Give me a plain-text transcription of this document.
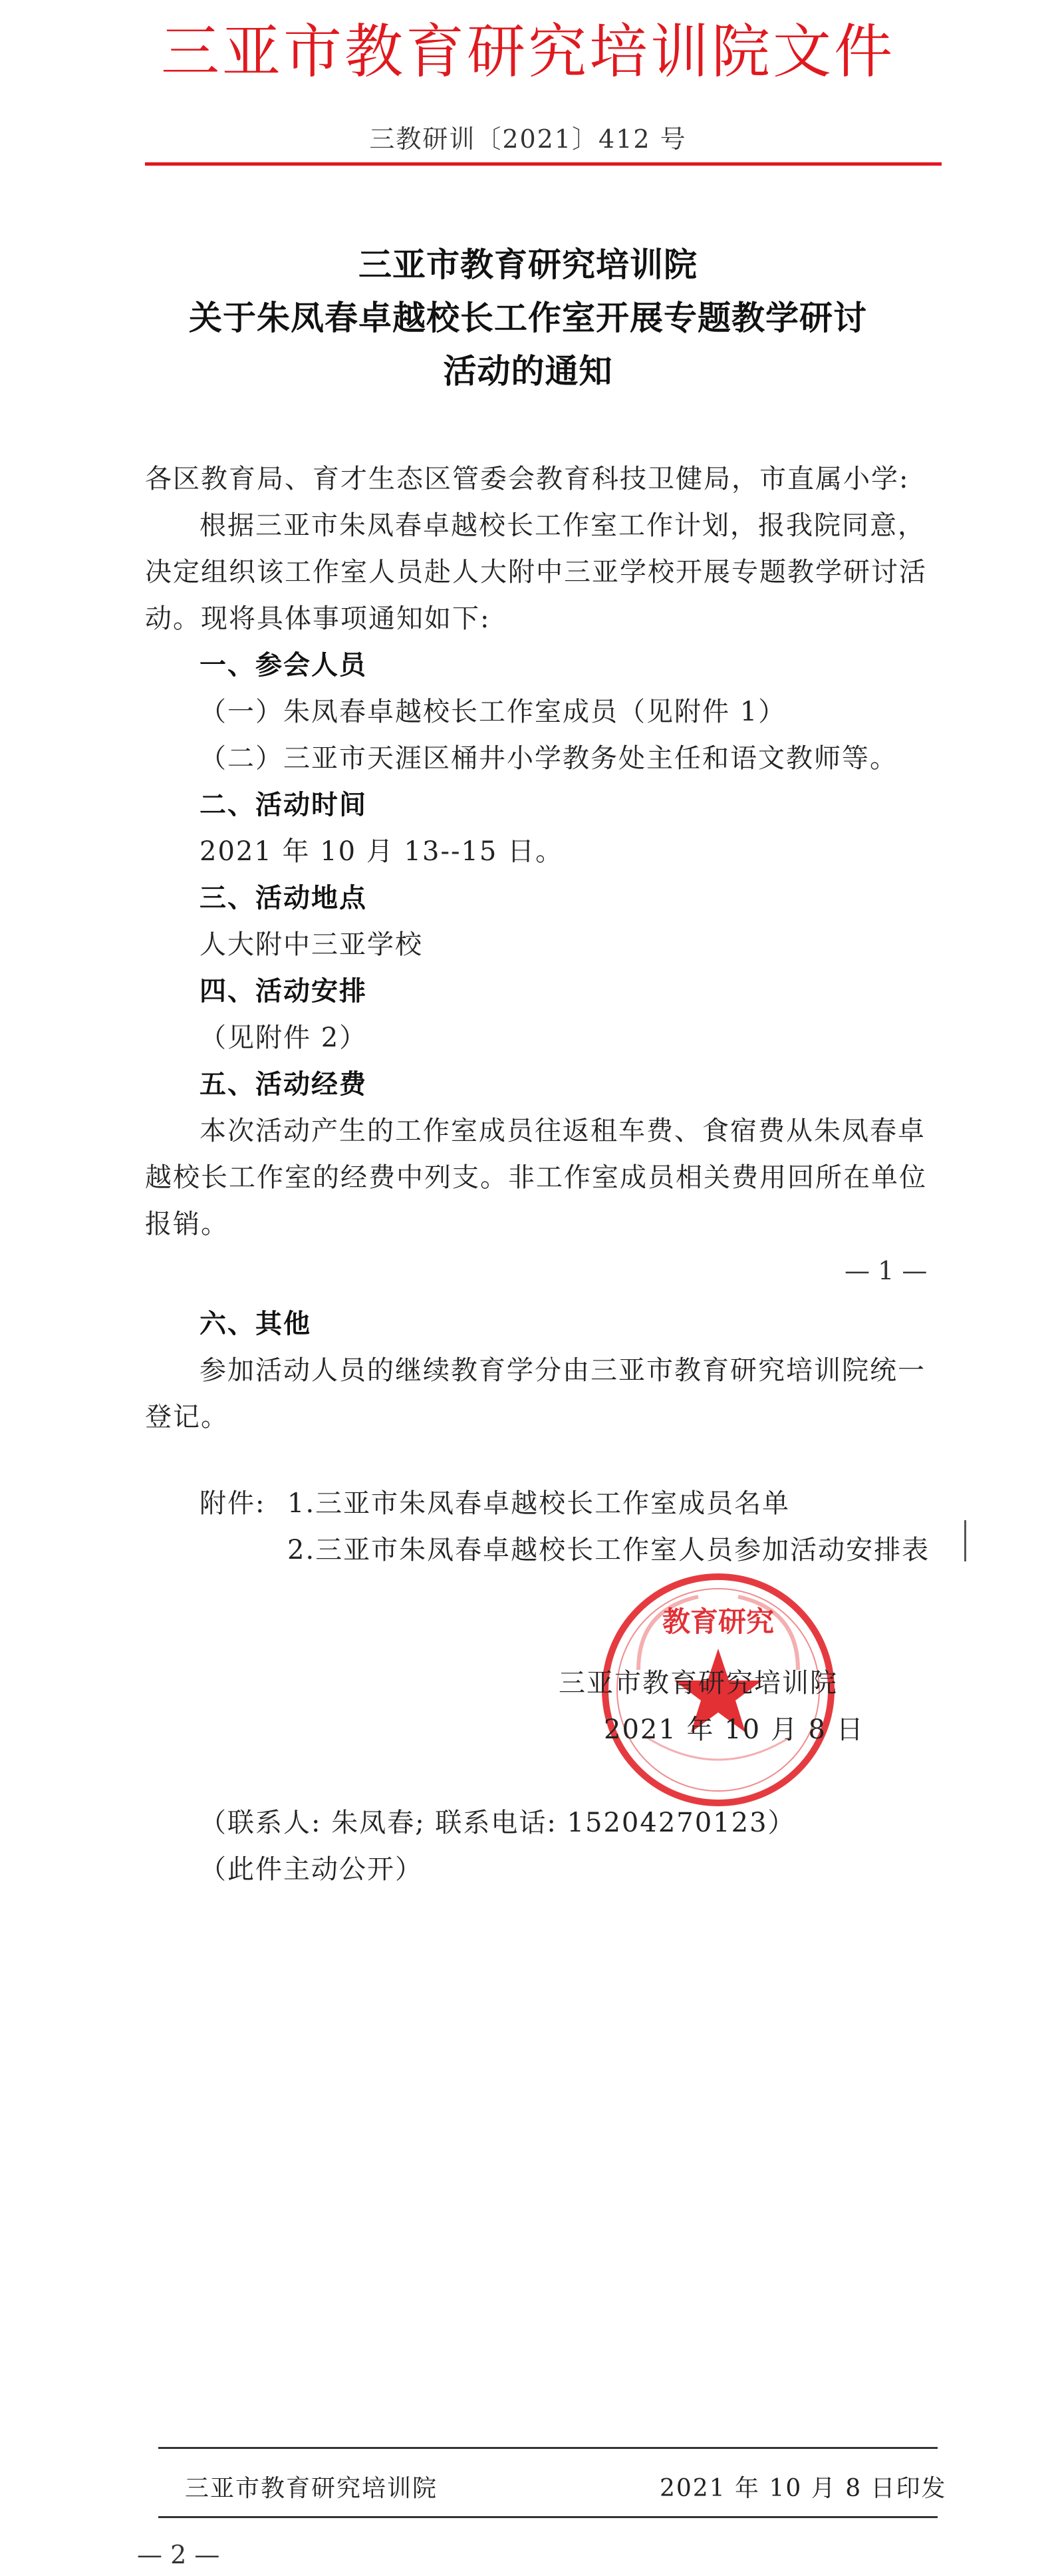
三亚市教育研究培训院文件
三教研训〔2021〕412 号
三亚市教育研究培训院
关于朱凤春卓越校长工作室开展专题教学研讨
活动的通知
各区教育局、育才生态区管委会教育科技卫健局，市直属小学:
根据三亚市朱凤春卓越校长工作室工作计划，报我院同意，
决定组织该工作室人员赴人大附中三亚学校开展专题教学研讨活
动。现将具体事项通知如下:
一、参会人员
（一）朱凤春卓越校长工作室成员（见附件 1）
（二）三亚市天涯区桶井小学教务处主任和语文教师等。
二、活动时间
2021 年 10 月 13--15 日。
三、活动地点
人大附中三亚学校
四、活动安排
（见附件 2）
五、活动经费
本次活动产生的工作室成员往返租车费、食宿费从朱凤春卓
越校长工作室的经费中列支。非工作室成员相关费用回所在单位
报销。
— 1 —
六、其他
参加活动人员的继续教育学分由三亚市教育研究培训院统一
登记。
附件: 1.三亚市朱凤春卓越校长工作室成员名单
2.三亚市朱凤春卓越校长工作室人员参加活动安排表
教育研究
三亚市教育研究培训院
2021 年 10 月 8 日
（联系人: 朱凤春; 联系电话: 15204270123）
（此件主动公开）
三亚市教育研究培训院	2021 年 10 月 8 日印发
— 2 —
